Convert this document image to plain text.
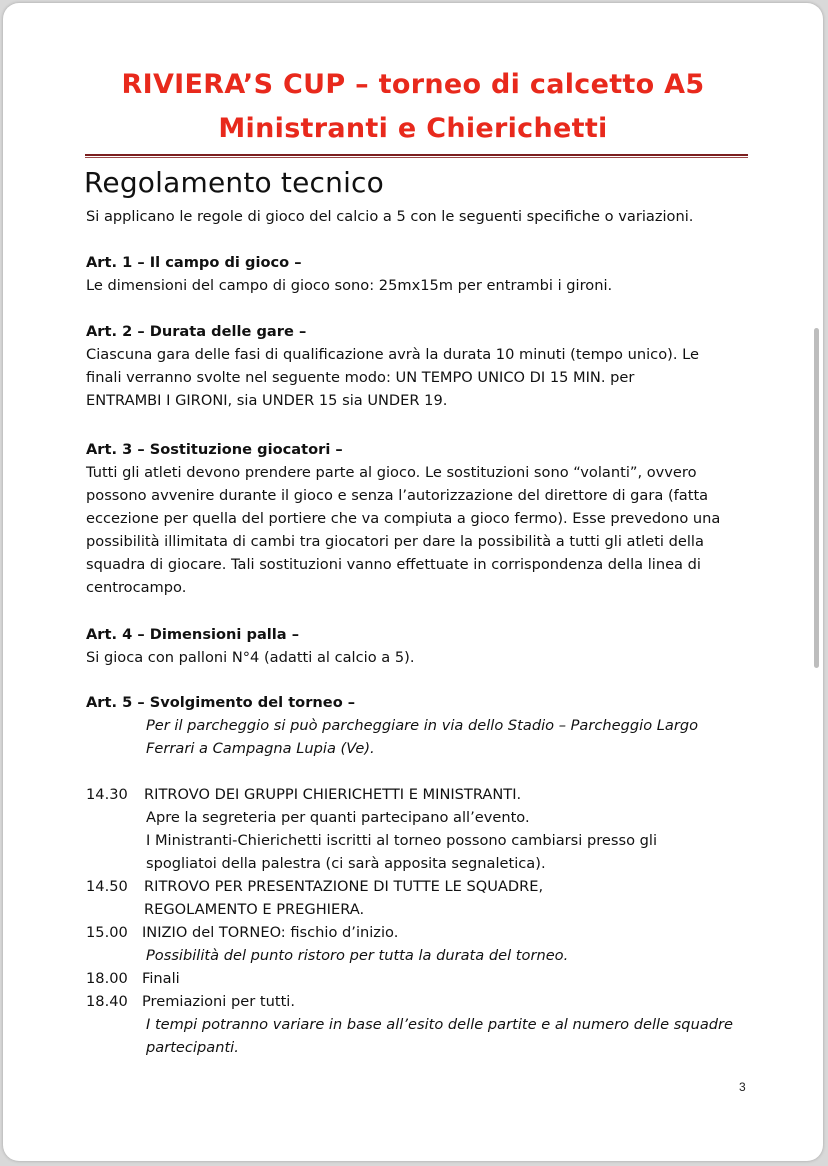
RIVIERA’S CUP – torneo di calcetto A5
Ministranti e Chierichetti
Regolamento tecnico
Si applicano le regole di gioco del calcio a 5 con le seguenti specifiche o variazioni.
Art. 1 – Il campo di gioco –
Le dimensioni del campo di gioco sono: 25mx15m per entrambi i gironi.
Art. 2 – Durata delle gare –
Ciascuna gara delle fasi di qualificazione avrà la durata 10 minuti (tempo unico). Le
finali verranno svolte nel seguente modo: UN TEMPO UNICO DI 15 MIN. per
ENTRAMBI I GIRONI, sia UNDER 15 sia UNDER 19.
Art. 3 – Sostituzione giocatori –
Tutti gli atleti devono prendere parte al gioco. Le sostituzioni sono “volanti”, ovvero
possono avvenire durante il gioco e senza l’autorizzazione del direttore di gara (fatta
eccezione per quella del portiere che va compiuta a gioco fermo). Esse prevedono una
possibilità illimitata di cambi tra giocatori per dare la possibilità a tutti gli atleti della
squadra di giocare. Tali sostituzioni vanno effettuate in corrispondenza della linea di
centrocampo.
Art. 4 – Dimensioni palla –
Si gioca con palloni N°4 (adatti al calcio a 5).
Art. 5 – Svolgimento del torneo –
Per il parcheggio si può parcheggiare in via dello Stadio – Parcheggio Largo
Ferrari a Campagna Lupia (Ve).
14.30 RITROVO DEI GRUPPI CHIERICHETTI E MINISTRANTI.
Apre la segreteria per quanti partecipano all’evento.
I Ministranti-Chierichetti iscritti al torneo possono cambiarsi presso gli
spogliatoi della palestra (ci sarà apposita segnaletica).
14.50 RITROVO PER PRESENTAZIONE DI TUTTE LE SQUADRE,
REGOLAMENTO E PREGHIERA.
15.00 INIZIO del TORNEO: fischio d’inizio.
Possibilità del punto ristoro per tutta la durata del torneo.
18.00 Finali
18.40 Premiazioni per tutti.
I tempi potranno variare in base all’esito delle partite e al numero delle squadre
partecipanti.
3
